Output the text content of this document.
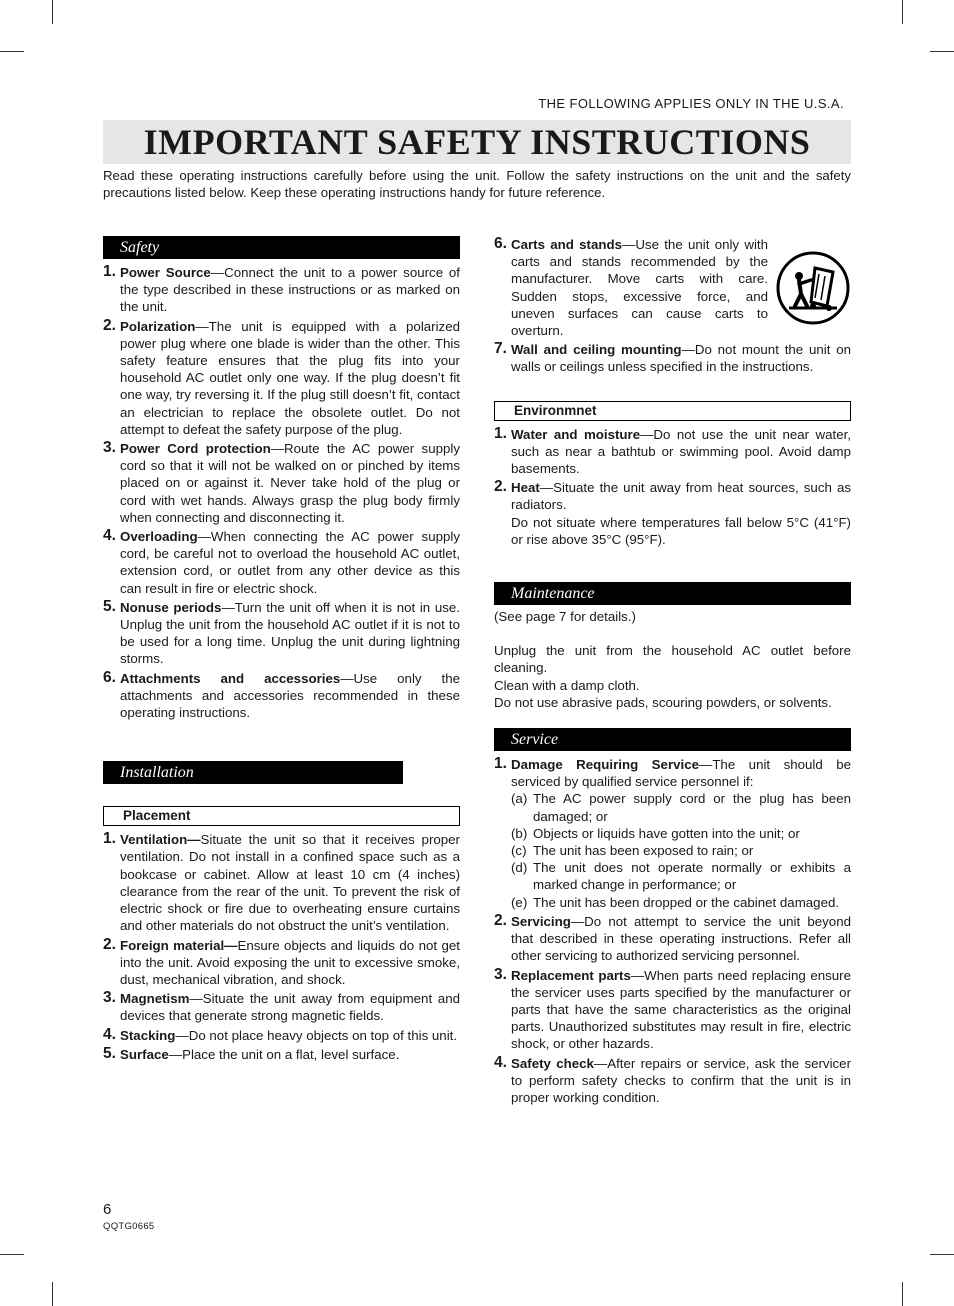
THE FOLLOWING APPLIES ONLY IN THE U.S.A.
IMPORTANT SAFETY INSTRUCTIONS

Read these operating instructions carefully before using the unit. Follow the safety instructions on the unit and the safety precautions listed below. Keep these operating instructions handy for future reference.

Safety
1. Power Source—Connect the unit to a power source of the type described in these instructions or as marked on the unit.
2. Polarization—The unit is equipped with a polarized power plug where one blade is wider than the other. This safety feature ensures that the plug fits into your household AC outlet only one way. If the plug doesn’t fit one way, try reversing it. If the plug still doesn’t fit, contact an electrician to replace the obsolete outlet. Do not attempt to defeat the safety purpose of the plug.
3. Power Cord protection—Route the AC power supply cord so that it will not be walked on or pinched by items placed on or against it. Never take hold of the plug or cord with wet hands. Always grasp the plug body firmly when connecting and disconnecting it.
4. Overloading—When connecting the AC power supply cord, be careful not to overload the household AC outlet, extension cord, or outlet from any other device as this can result in fire or electric shock.
5. Nonuse periods—Turn the unit off when it is not in use. Unplug the unit from the household AC outlet if it is not to be used for a long time. Unplug the unit during lightning storms.
6. Attachments and accessories—Use only the attachments and accessories recommended in these operating instructions.
Installation
Placement
1. Ventilation—Situate the unit so that it receives proper ventilation. Do not install in a confined space such as a bookcase or cabinet. Allow at least 10 cm (4 inches) clearance from the rear of the unit. To prevent the risk of electric shock or fire due to overheating ensure curtains and other materials do not obstruct the unit’s ventilation.
2. Foreign material—Ensure objects and liquids do not get into the unit. Avoid exposing the unit to excessive smoke, dust, mechanical vibration, and shock.
3. Magnetism—Situate the unit away from equipment and devices that generate strong magnetic fields.
4. Stacking—Do not place heavy objects on top of this unit.
5. Surface—Place the unit on a flat, level surface.
6. Carts and stands—Use the unit only with carts and stands recommended by the manufacturer. Move carts with care. Sudden stops, excessive force, and uneven surfaces can cause carts to overturn.
7. Wall and ceiling mounting—Do not mount the unit on walls or ceilings unless specified in the instructions.
Environmnet
1. Water and moisture—Do not use the unit near water, such as near a bathtub or swimming pool. Avoid damp basements.
2. Heat—Situate the unit away from heat sources, such as radiators.
Do not situate where temperatures fall below 5°C (41°F) or rise above 35°C (95°F).
Maintenance

(See page 7 for details.)

Unplug the unit from the household AC outlet before cleaning.

Clean with a damp cloth.

Do not use abrasive pads, scouring powders, or solvents.

Service
1. Damage Requiring Service—The unit should be serviced by qualified service personnel if:
(a) The AC power supply cord or the plug has been damaged; or
(b) Objects or liquids have gotten into the unit; or
(c) The unit has been exposed to rain; or
(d) The unit does not operate normally or exhibits a marked change in performance; or
(e) The unit has been dropped or the cabinet damaged.
2. Servicing—Do not attempt to service the unit beyond that described in these operating instructions. Refer all other servicing to authorized servicing personnel.
3. Replacement parts—When parts need replacing ensure the servicer uses parts specified by the manufacturer or parts that have the same characteristics as the original parts. Unauthorized substitutes may result in fire, electric shock, or other hazards.
4. Safety check—After repairs or service, ask the servicer to perform safety checks to confirm that the unit is in proper working condition.
6
QQTG0665
